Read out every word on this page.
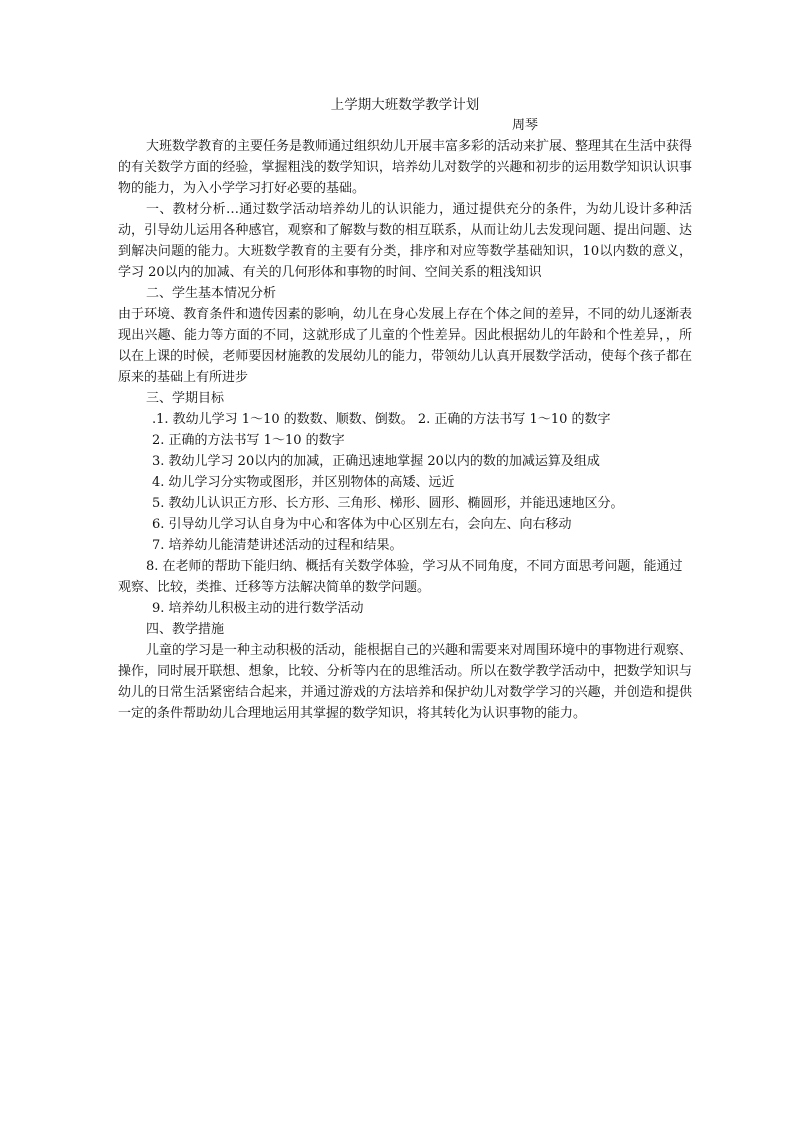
上学期大班数学教学计划

周琴

大班数学教育的主要任务是教师通过组织幼儿开展丰富多彩的活动来扩展、整理其在生活中获得的有关数学方面的经验，掌握粗浅的数学知识，培养幼儿对数学的兴趣和初步的运用数学知识认识事物的能力，为入小学学习打好必要的基础。

一、教材分析…通过数学活动培养幼儿的认识能力，通过提供充分的条件，为幼儿设计多种活动，引导幼儿运用各种感官，观察和了解数与数的相互联系，从而让幼儿去发现问题、提出问题、达到解决问题的能力。大班数学教育的主要有分类，排序和对应等数学基础知识，10以内数的意义，学习 20以内的加减、有关的几何形体和事物的时间、空间关系的粗浅知识

二、学生基本情况分析

由于环境、教育条件和遗传因素的影响，幼儿在身心发展上存在个体之间的差异，不同的幼儿逐渐表现出兴趣、能力等方面的不同，这就形成了儿童的个性差异。因此根据幼儿的年龄和个性差异，，所以在上课的时候，老师要因材施教的发展幼儿的能力，带领幼儿认真开展数学活动，使每个孩子都在原来的基础上有所进步

三、学期目标

.1. 教幼儿学习 1～10 的数数、顺数、倒数。 2. 正确的方法书写 1～10 的数字
2. 正确的方法书写 1～10 的数字
3. 教幼儿学习 20以内的加减，正确迅速地掌握 20以内的数的加减运算及组成
4. 幼儿学习分实物或图形，并区别物体的高矮、远近
5. 教幼儿认识正方形、长方形、三角形、梯形、圆形、椭圆形，并能迅速地区分。
6. 引导幼儿学习认自身为中心和客体为中心区别左右，会向左、向右移动
7. 培养幼儿能清楚讲述活动的过程和结果。
8. 在老师的帮助下能归纳、概括有关数学体验，学习从不同角度，不同方面思考问题，能通过观察、比较，类推、迁移等方法解决简单的数学问题。
9. 培养幼儿积极主动的进行数学活动

四、教学措施

儿童的学习是一种主动积极的活动，能根据自己的兴趣和需要来对周围环境中的事物进行观察、操作，同时展开联想、想象，比较、分析等内在的思维活动。所以在数学教学活动中，把数学知识与幼儿的日常生活紧密结合起来，并通过游戏的方法培养和保护幼儿对数学学习的兴趣，并创造和提供一定的条件帮助幼儿合理地运用其掌握的数学知识，将其转化为认识事物的能力。
